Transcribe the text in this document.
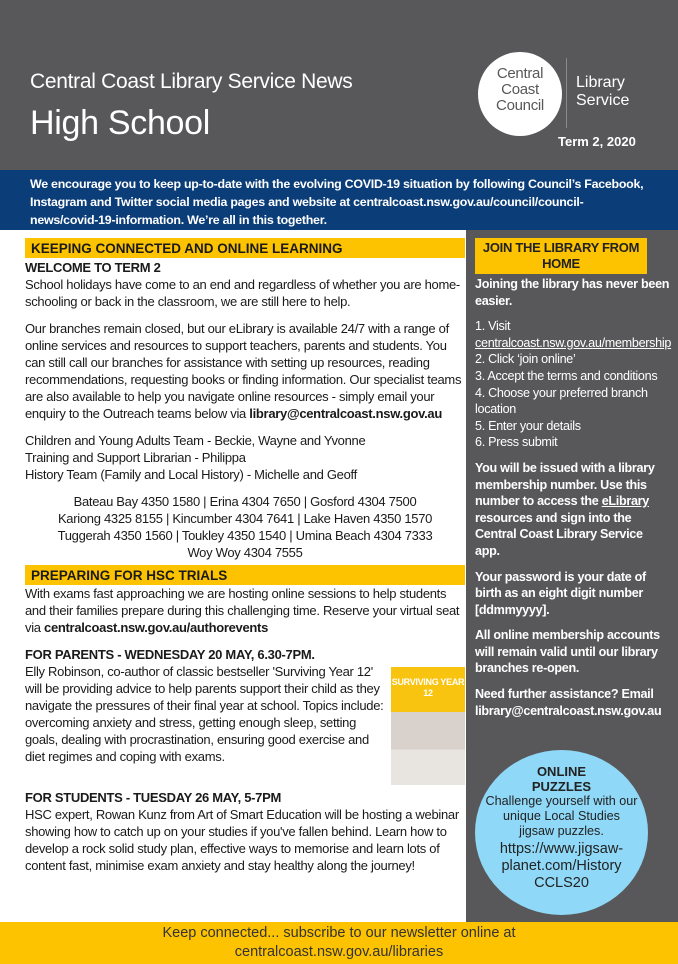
Central Coast Library Service News
High School
Central
Coast
Council
Library
Service
Term 2, 2020
We encourage you to keep up-to-date with the evolving COVID-19 situation by following Council’s Facebook, Instagram and Twitter social media pages and website at centralcoast.nsw.gov.au/council/council-news/covid-19-information. We’re all in this together.
KEEPING CONNECTED AND ONLINE LEARNING
WELCOME TO TERM 2

School holidays have come to an end and regardless of whether you are home-schooling or back in the classroom, we are still here to help.

Our branches remain closed, but our eLibrary is available 24/7 with a range of online services and resources to support teachers, parents and students. You can still call our branches for assistance with setting up resources, reading recommendations, requesting books or finding information. Our specialist teams are also available to help you navigate online resources - simply email your enquiry to the Outreach teams below via library@centralcoast.nsw.gov.au

Children and Young Adults Team - Beckie, Wayne and Yvonne
Training and Support Librarian - Philippa
History Team (Family and Local History) - Michelle and Geoff
Bateau Bay 4350 1580 | Erina 4304 7650 | Gosford 4304 7500
Kariong 4325 8155 | Kincumber 4304 7641 | Lake Haven 4350 1570
Tuggerah 4350 1560 | Toukley 4350 1540 | Umina Beach 4304 7333
Woy Woy 4304 7555
PREPARING FOR HSC TRIALS

With exams fast approaching we are hosting online sessions to help students and their families prepare during this challenging time. Reserve your virtual seat via centralcoast.nsw.gov.au/authorevents

FOR PARENTS - WEDNESDAY 20 MAY, 6.30-7PM.
SURVIVING YEAR 12

Elly Robinson, co-author of classic bestseller 'Surviving Year 12' will be providing advice to help parents support their child as they navigate the pressures of their final year at school. Topics include: overcoming anxiety and stress, getting enough sleep, setting goals, dealing with procrastination, ensuring good exercise and diet regimes and coping with exams.

FOR STUDENTS - TUESDAY 26 MAY, 5-7PM

HSC expert, Rowan Kunz from Art of Smart Education will be hosting a webinar showing how to catch up on your studies if you've fallen behind. Learn how to develop a rock solid study plan, effective ways to memorise and learn lots of content fast, minimise exam anxiety and stay healthy along the journey!

JOIN THE LIBRARY FROM HOME

Joining the library has never been easier.

1. Visit centralcoast.nsw.gov.au/membership
2. Click ‘join online’
3. Accept the terms and conditions
4. Choose your preferred branch location
5. Enter your details
6. Press submit

You will be issued with a library membership number. Use this number to access the eLibrary resources and sign into the Central Coast Library Service app.

Your password is your date of birth as an eight digit number [ddmmyyyy].

All online membership accounts will remain valid until our library branches re-open.

Need further assistance? Email library@centralcoast.nsw.gov.au

ONLINE PUZZLES
Challenge yourself with our unique Local Studies jigsaw puzzles.
https://www.jigsaw-planet.com/History CCLS20
Keep connected... subscribe to our newsletter online at
centralcoast.nsw.gov.au/libraries
